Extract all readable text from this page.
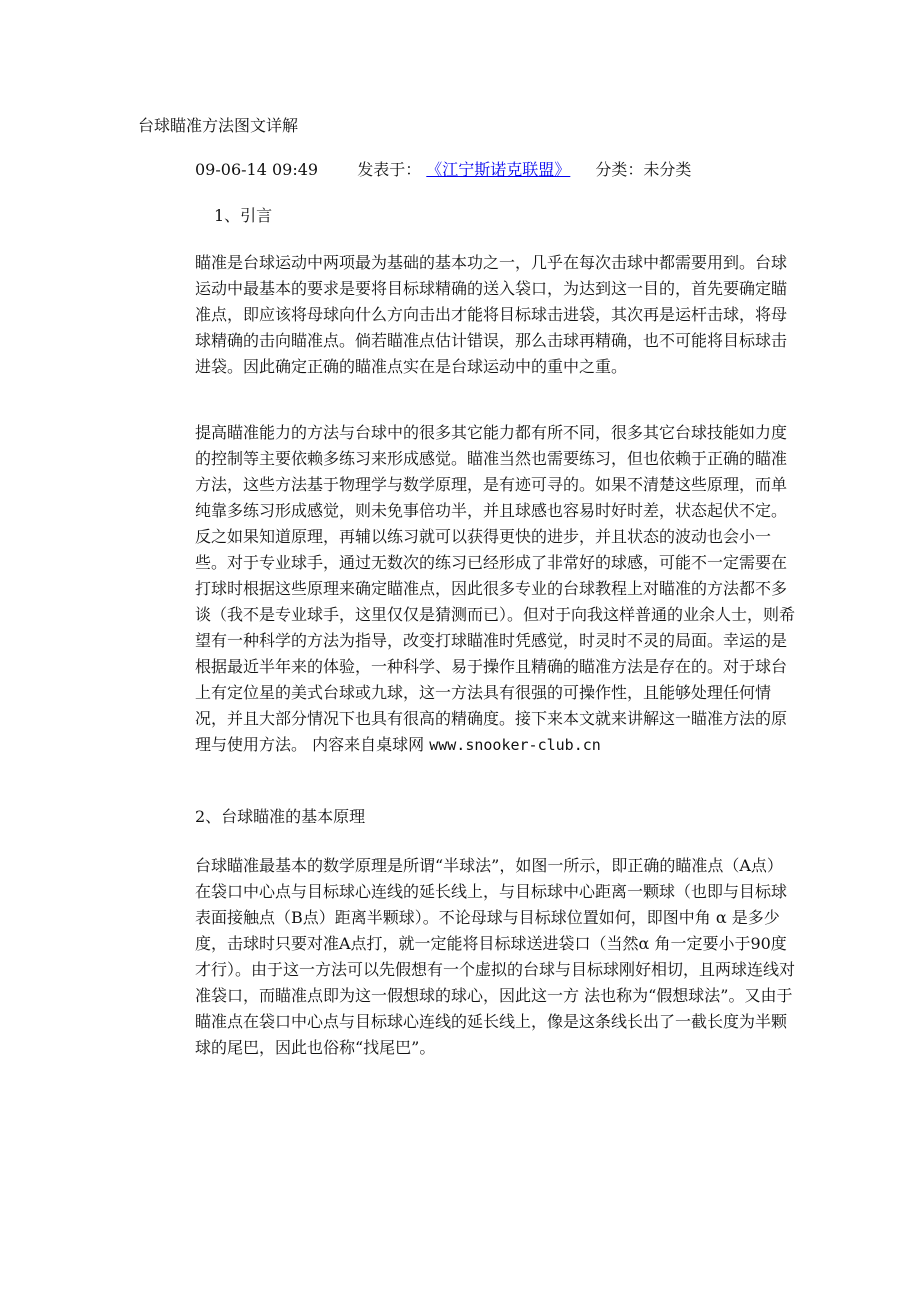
台球瞄准方法图文详解
09-06-14 09:49 发表于： 《江宁斯诺克联盟》 分类：未分类
1、引言

瞄准是台球运动中两项最为基础的基本功之一，几乎在每次击球中都需要用到。台球运动中最基本的要求是要将目标球精确的送入袋口，为达到这一目的，首先要确定瞄准点，即应该将母球向什么方向击出才能将目标球击进袋，其次再是运杆击球，将母球精确的击向瞄准点。倘若瞄准点估计错误，那么击球再精确，也不可能将目标球击进袋。因此确定正确的瞄准点实在是台球运动中的重中之重。

提高瞄准能力的方法与台球中的很多其它能力都有所不同，很多其它台球技能如力度的控制等主要依赖多练习来形成感觉。瞄准当然也需要练习，但也依赖于正确的瞄准方法，这些方法基于物理学与数学原理，是有迹可寻的。如果不清楚这些原理，而单纯靠多练习形成感觉，则未免事倍功半，并且球感也容易时好时差，状态起伏不定。反之如果知道原理，再辅以练习就可以获得更快的进步，并且状态的波动也会小一些。对于专业球手，通过无数次的练习已经形成了非常好的球感，可能不一定需要在打球时根据这些原理来确定瞄准点，因此很多专业的台球教程上对瞄准的方法都不多谈（我不是专业球手，这里仅仅是猜测而已）。但对于向我这样普通的业余人士，则希望有一种科学的方法为指导，改变打球瞄准时凭感觉，时灵时不灵的局面。幸运的是根据最近半年来的体验，一种科学、易于操作且精确的瞄准方法是存在的。对于球台上有定位星的美式台球或九球，这一方法具有很强的可操作性，且能够处理任何情况，并且大部分情况下也具有很高的精确度。接下来本文就来讲解这一瞄准方法的原理与使用方法。 内容来自桌球网 www.snooker-club.cn

2、台球瞄准的基本原理

台球瞄准最基本的数学原理是所谓“半球法”，如图一所示，即正确的瞄准点（A点）在袋口中心点与目标球心连线的延长线上，与目标球中心距离一颗球（也即与目标球表面接触点（B点）距离半颗球）。不论母球与目标球位置如何，即图中角 α 是多少度，击球时只要对准A点打，就一定能将目标球送进袋口（当然α 角一定要小于90度才行）。由于这一方法可以先假想有一个虚拟的台球与目标球刚好相切，且两球连线对准袋口，而瞄准点即为这一假想球的球心，因此这一方 法也称为“假想球法”。又由于瞄准点在袋口中心点与目标球心连线的延长线上，像是这条线长出了一截长度为半颗球的尾巴，因此也俗称“找尾巴”。
